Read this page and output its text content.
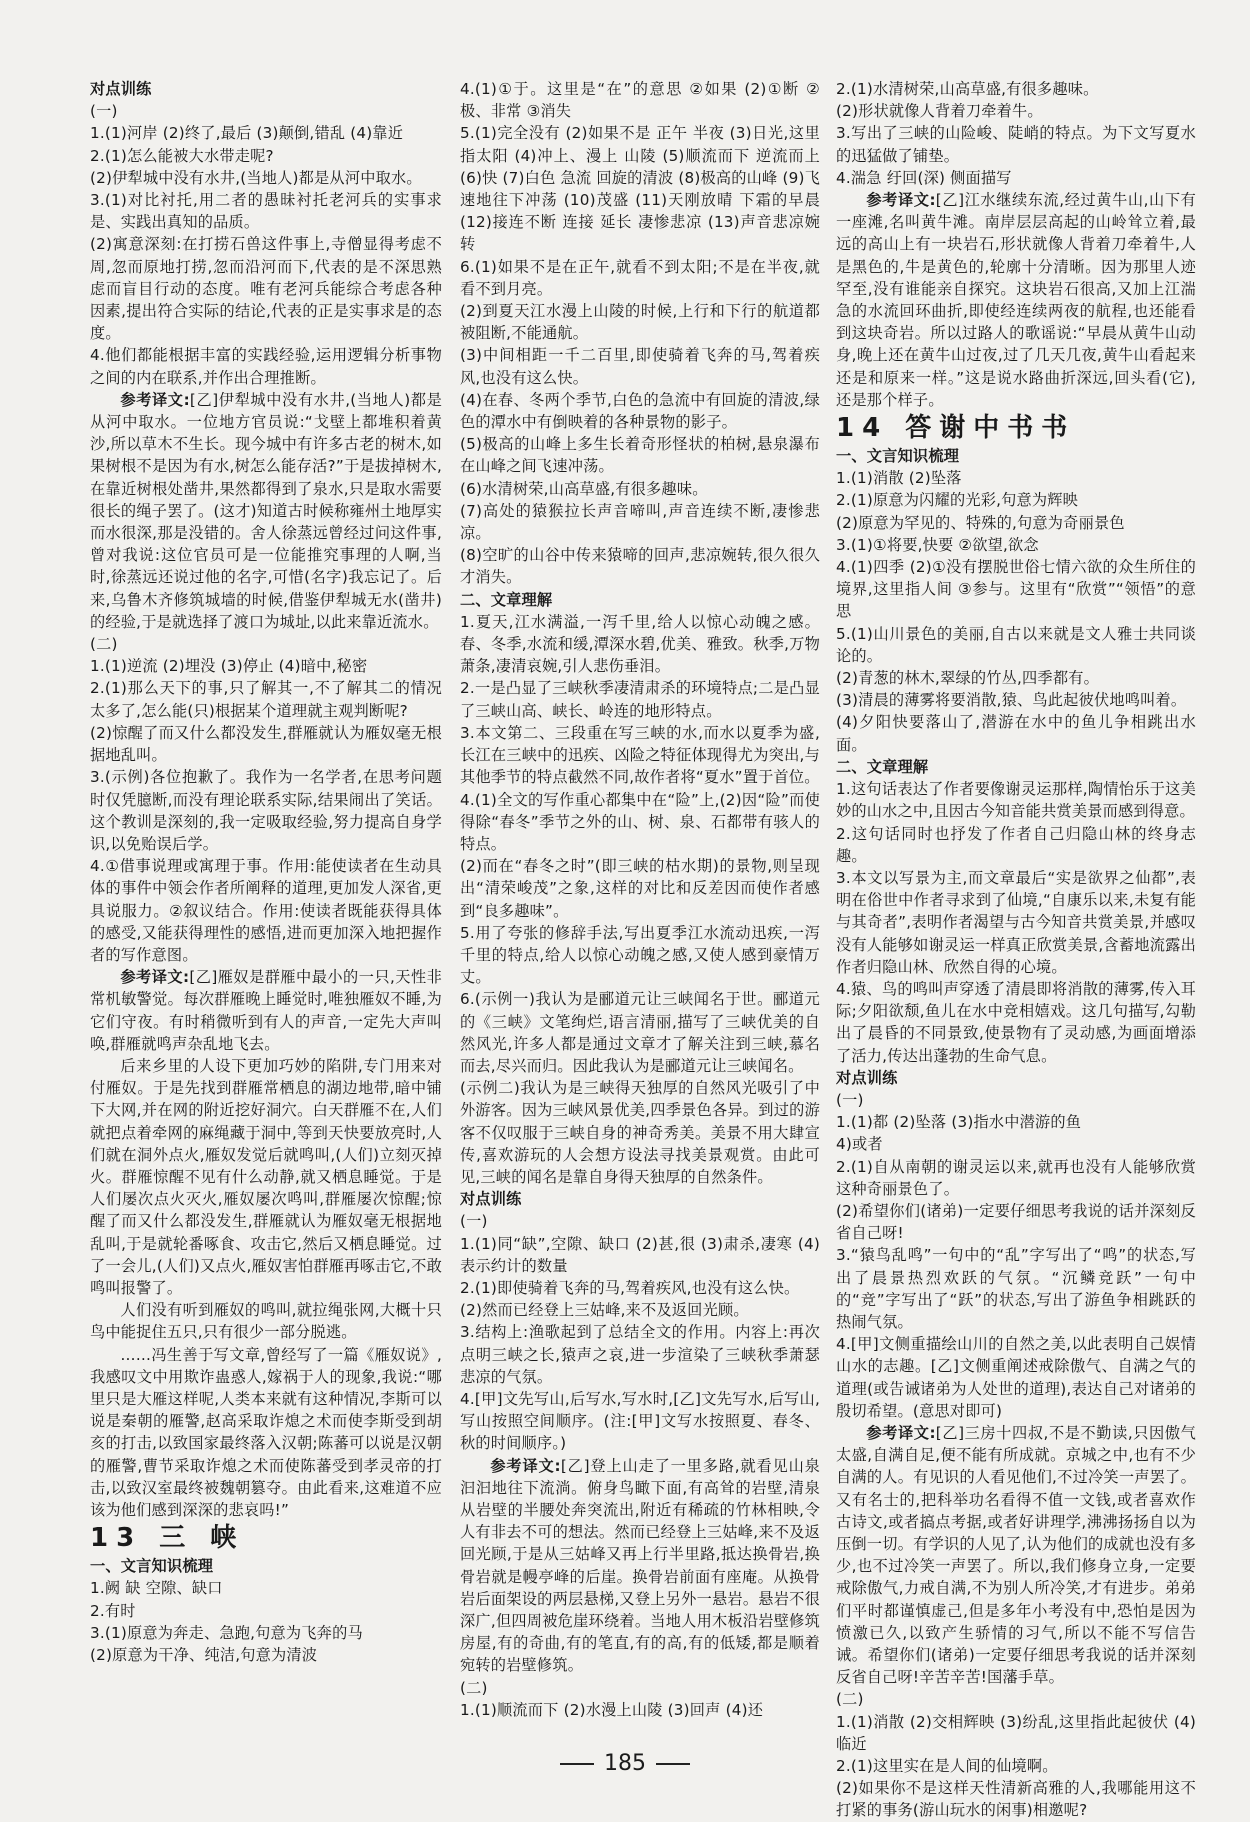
对点训练

(一)

1.(1)河岸 (2)终了,最后 (3)颠倒,错乱 (4)靠近

2.(1)怎么能被大水带走呢?

(2)伊犁城中没有水井,(当地人)都是从河中取水。

3.(1)对比衬托,用二者的愚昧衬托老河兵的实事求是、实践出真知的品质。

(2)寓意深刻:在打捞石兽这件事上,寺僧显得考虑不周,忽而原地打捞,忽而沿河而下,代表的是不深思熟虑而盲目行动的态度。唯有老河兵能综合考虑各种因素,提出符合实际的结论,代表的正是实事求是的态度。

4.他们都能根据丰富的实践经验,运用逻辑分析事物之间的内在联系,并作出合理推断。

参考译文:[乙]伊犁城中没有水井,(当地人)都是从河中取水。一位地方官员说:“戈壁上都堆积着黄沙,所以草木不生长。现今城中有许多古老的树木,如果树根不是因为有水,树怎么能存活?”于是拔掉树木,在靠近树根处凿井,果然都得到了泉水,只是取水需要很长的绳子罢了。(这才)知道古时候称雍州土地厚实而水很深,那是没错的。舍人徐蒸远曾经过问这件事,曾对我说:这位官员可是一位能推究事理的人啊,当时,徐蒸远还说过他的名字,可惜(名字)我忘记了。后来,乌鲁木齐修筑城墙的时候,借鉴伊犁城无水(凿井)的经验,于是就选择了渡口为城址,以此来靠近流水。

(二)

1.(1)逆流 (2)埋没 (3)停止 (4)暗中,秘密

2.(1)那么天下的事,只了解其一,不了解其二的情况太多了,怎么能(只)根据某个道理就主观判断呢?

(2)惊醒了而又什么都没发生,群雁就认为雁奴毫无根据地乱叫。

3.(示例)各位抱歉了。我作为一名学者,在思考问题时仅凭臆断,而没有理论联系实际,结果闹出了笑话。这个教训是深刻的,我一定吸取经验,努力提高自身学识,以免贻误后学。

4.①借事说理或寓理于事。作用:能使读者在生动具体的事件中领会作者所阐释的道理,更加发人深省,更具说服力。②叙议结合。作用:使读者既能获得具体的感受,又能获得理性的感悟,进而更加深入地把握作者的写作意图。

参考译文:[乙]雁奴是群雁中最小的一只,天性非常机敏警觉。每次群雁晚上睡觉时,唯独雁奴不睡,为它们守夜。有时稍微听到有人的声音,一定先大声叫唤,群雁就鸣声杂乱地飞去。

后来乡里的人设下更加巧妙的陷阱,专门用来对付雁奴。于是先找到群雁常栖息的湖边地带,暗中铺下大网,并在网的附近挖好洞穴。白天群雁不在,人们就把点着牵网的麻绳藏于洞中,等到天快要放亮时,人们就在洞外点火,雁奴发觉后就鸣叫,(人们)立刻灭掉火。群雁惊醒不见有什么动静,就又栖息睡觉。于是人们屡次点火灭火,雁奴屡次鸣叫,群雁屡次惊醒;惊醒了而又什么都没发生,群雁就认为雁奴毫无根据地乱叫,于是就轮番啄食、攻击它,然后又栖息睡觉。过了一会儿,(人们)又点火,雁奴害怕群雁再啄击它,不敢鸣叫报警了。

人们没有听到雁奴的鸣叫,就拉绳张网,大概十只鸟中能捉住五只,只有很少一部分脱逃。

……冯生善于写文章,曾经写了一篇《雁奴说》,我感叹文中用欺诈蛊惑人,嫁祸于人的现象,我说:“哪里只是大雁这样呢,人类本来就有这种情况,李斯可以说是秦朝的雁警,赵高采取诈熄之术而使李斯受到胡亥的打击,以致国家最终落入汉朝;陈蕃可以说是汉朝的雁警,曹节采取诈熄之术而使陈蕃受到孝灵帝的打击,以致汉室最终被魏朝篡夺。由此看来,这难道不应该为他们感到深深的悲哀吗!”

13 三 峡

一、文言知识梳理

1.阙 缺 空隙、缺口

2.有时

3.(1)原意为奔走、急跑,句意为飞奔的马

(2)原意为干净、纯洁,句意为清波

4.(1)①于。这里是“在”的意思 ②如果 (2)①断 ②极、非常 ③消失

5.(1)完全没有 (2)如果不是 正午 半夜 (3)日光,这里指太阳 (4)冲上、漫上 山陵 (5)顺流而下 逆流而上 (6)快 (7)白色 急流 回旋的清波 (8)极高的山峰 (9)飞速地往下冲荡 (10)茂盛 (11)天刚放晴 下霜的早晨 (12)接连不断 连接 延长 凄惨悲凉 (13)声音悲凉婉转

6.(1)如果不是在正午,就看不到太阳;不是在半夜,就看不到月亮。

(2)到夏天江水漫上山陵的时候,上行和下行的航道都被阻断,不能通航。

(3)中间相距一千二百里,即使骑着飞奔的马,驾着疾风,也没有这么快。

(4)在春、冬两个季节,白色的急流中有回旋的清波,绿色的潭水中有倒映着的各种景物的影子。

(5)极高的山峰上多生长着奇形怪状的柏树,悬泉瀑布在山峰之间飞速冲荡。

(6)水清树荣,山高草盛,有很多趣味。

(7)高处的猿猴拉长声音啼叫,声音连续不断,凄惨悲凉。

(8)空旷的山谷中传来猿啼的回声,悲凉婉转,很久很久才消失。

二、文章理解

1.夏天,江水满溢,一泻千里,给人以惊心动魄之感。春、冬季,水流和缓,潭深水碧,优美、雅致。秋季,万物萧条,凄清哀婉,引人悲伤垂泪。

2.一是凸显了三峡秋季凄清肃杀的环境特点;二是凸显了三峡山高、峡长、岭连的地形特点。

3.本文第二、三段重在写三峡的水,而水以夏季为盛,长江在三峡中的迅疾、凶险之特征体现得尤为突出,与其他季节的特点截然不同,故作者将“夏水”置于首位。

4.(1)全文的写作重心都集中在“险”上,(2)因“险”而使得除“春冬”季节之外的山、树、泉、石都带有骇人的特点。

(2)而在“春冬之时”(即三峡的枯水期)的景物,则呈现出“清荣峻茂”之象,这样的对比和反差因而使作者感到“良多趣味”。

5.用了夸张的修辞手法,写出夏季江水流动迅疾,一泻千里的特点,给人以惊心动魄之感,又使人感到豪情万丈。

6.(示例一)我认为是郦道元让三峡闻名于世。郦道元的《三峡》文笔绚烂,语言清丽,描写了三峡优美的自然风光,许多人都是通过文章才了解关注到三峡,慕名而去,尽兴而归。因此我认为是郦道元让三峡闻名。

(示例二)我认为是三峡得天独厚的自然风光吸引了中外游客。因为三峡风景优美,四季景色各异。到过的游客不仅叹服于三峡自身的神奇秀美。美景不用大肆宣传,喜欢游玩的人会想方设法寻找美景观赏。由此可见,三峡的闻名是靠自身得天独厚的自然条件。

对点训练

(一)

1.(1)同“缺”,空隙、缺口 (2)甚,很 (3)肃杀,凄寒 (4)表示约计的数量

2.(1)即使骑着飞奔的马,驾着疾风,也没有这么快。

(2)然而已经登上三姑峰,来不及返回光顾。

3.结构上:渔歌起到了总结全文的作用。内容上:再次点明三峡之长,猿声之哀,进一步渲染了三峡秋季萧瑟悲凉的气氛。

4.[甲]文先写山,后写水,写水时,[乙]文先写水,后写山,写山按照空间顺序。(注:[甲]文写水按照夏、春冬、秋的时间顺序。)

参考译文:[乙]登上山走了一里多路,就看见山泉汩汩地往下流淌。俯身鸟瞰下面,有高耸的岩壁,清泉从岩壁的半腰处奔突流出,附近有稀疏的竹林相映,令人有非去不可的想法。然而已经登上三姑峰,来不及返回光顾,于是从三姑峰又再上行半里路,抵达换骨岩,换骨岩就是幔亭峰的后崖。换骨岩前面有座庵。从换骨岩后面架设的两层悬梯,又登上另外一悬岩。悬岩不很深广,但四周被危崖环绕着。当地人用木板沿岩壁修筑房屋,有的奇曲,有的笔直,有的高,有的低矮,都是顺着宛转的岩壁修筑。

(二)

1.(1)顺流而下 (2)水漫上山陵 (3)回声 (4)还

2.(1)水清树荣,山高草盛,有很多趣味。

(2)形状就像人背着刀牵着牛。

3.写出了三峡的山险峻、陡峭的特点。为下文写夏水的迅猛做了铺垫。

4.湍急 纡回(深) 侧面描写

参考译文:[乙]江水继续东流,经过黄牛山,山下有一座滩,名叫黄牛滩。南岸层层高起的山岭耸立着,最远的高山上有一块岩石,形状就像人背着刀牵着牛,人是黑色的,牛是黄色的,轮廓十分清晰。因为那里人迹罕至,没有谁能亲自探究。这块岩石很高,又加上江湍急的水流回环曲折,即使经连续两夜的航程,也还能看到这块奇岩。所以过路人的歌谣说:“早晨从黄牛山动身,晚上还在黄牛山过夜,过了几天几夜,黄牛山看起来还是和原来一样。”这是说水路曲折深远,回头看(它),还是那个样子。

14 答谢中书书

一、文言知识梳理

1.(1)消散 (2)坠落

2.(1)原意为闪耀的光彩,句意为辉映

(2)原意为罕见的、特殊的,句意为奇丽景色

3.(1)①将要,快要 ②欲望,欲念

4.(1)四季 (2)①没有摆脱世俗七情六欲的众生所住的境界,这里指人间 ③参与。这里有“欣赏”“领悟”的意思

5.(1)山川景色的美丽,自古以来就是文人雅士共同谈论的。

(2)青葱的林木,翠绿的竹丛,四季都有。

(3)清晨的薄雾将要消散,猿、鸟此起彼伏地鸣叫着。

(4)夕阳快要落山了,潜游在水中的鱼儿争相跳出水面。

二、文章理解

1.这句话表达了作者要像谢灵运那样,陶情怡乐于这美妙的山水之中,且因古今知音能共赏美景而感到得意。

2.这句话同时也抒发了作者自己归隐山林的终身志趣。

3.本文以写景为主,而文章最后“实是欲界之仙都”,表明在俗世中作者寻求到了仙境,“自康乐以来,未复有能与其奇者”,表明作者渴望与古今知音共赏美景,并感叹没有人能够如谢灵运一样真正欣赏美景,含蓄地流露出作者归隐山林、欣然自得的心境。

4.猿、鸟的鸣叫声穿透了清晨即将消散的薄雾,传入耳际;夕阳欲颓,鱼儿在水中竞相嬉戏。这几句描写,勾勒出了晨昏的不同景致,使景物有了灵动感,为画面增添了活力,传达出蓬勃的生命气息。

对点训练

(一)

1.(1)都 (2)坠落 (3)指水中潜游的鱼

4)或者

2.(1)自从南朝的谢灵运以来,就再也没有人能够欣赏这种奇丽景色了。

(2)希望你们(诸弟)一定要仔细思考我说的话并深刻反省自己呀!

3.“猿鸟乱鸣”一句中的“乱”字写出了“鸣”的状态,写出了晨景热烈欢跃的气氛。“沉鳞竞跃”一句中的“竞”字写出了“跃”的状态,写出了游鱼争相跳跃的热闹气氛。

4.[甲]文侧重描绘山川的自然之美,以此表明自己娱情山水的志趣。[乙]文侧重阐述戒除傲气、自满之气的道理(或告诫诸弟为人处世的道理),表达自己对诸弟的殷切希望。(意思对即可)

参考译文:[乙]三房十四叔,不是不勤读,只因傲气太盛,自满自足,便不能有所成就。京城之中,也有不少自满的人。有见识的人看见他们,不过冷笑一声罢了。又有名士的,把科举功名看得不值一文钱,或者喜欢作古诗文,或者搞点考据,或者好讲理学,沸沸扬扬自以为压倒一切。有学识的人见了,认为他们的成就也没有多少,也不过冷笑一声罢了。所以,我们修身立身,一定要戒除傲气,力戒自满,不为别人所冷笑,才有进步。弟弟们平时都谨慎虚己,但是多年小考没有中,恐怕是因为愤激已久,以致产生骄情的习气,所以不能不写信告诫。希望你们(诸弟)一定要仔细思考我说的话并深刻反省自己呀!辛苦辛苦!国藩手草。

(二)

1.(1)消散 (2)交相辉映 (3)纷乱,这里指此起彼伏 (4)临近

2.(1)这里实在是人间的仙境啊。

(2)如果你不是这样天性清新高雅的人,我哪能用这不打紧的事务(游山玩水的闲事)相邀呢?

185
